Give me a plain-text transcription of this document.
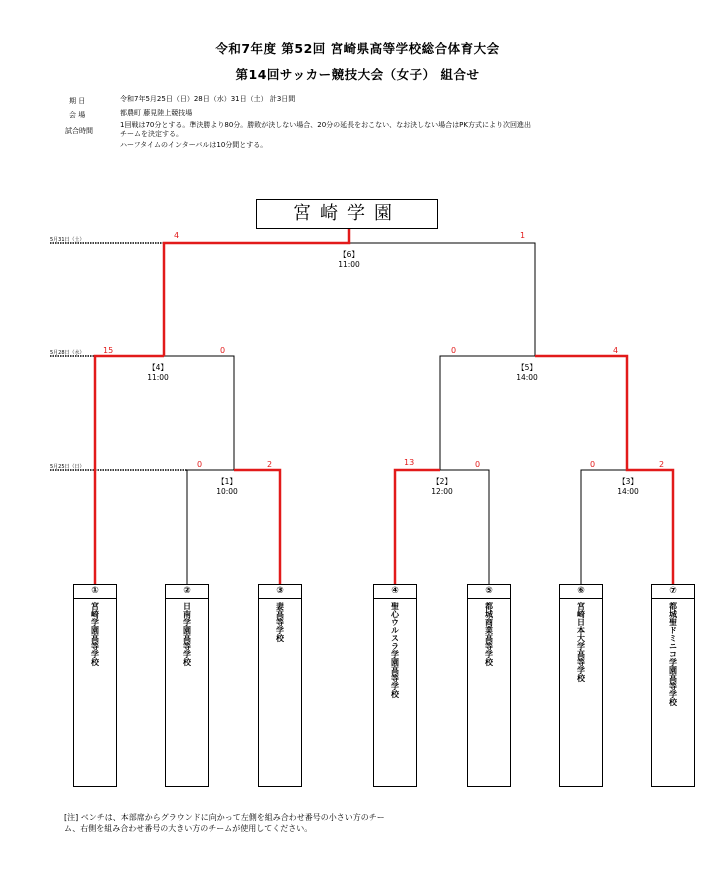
令和7年度 第52回 宮崎県高等学校総合体育大会
第14回サッカー競技大会（女子） 組合せ
期 日	令和7年5月25日（日）28日（水）31日（土） 計3日間
会 場	都農町 藤見陸上競技場
試合時間
1回戦は70分とする。準決勝より80分。勝敗が決しない場合、20分の延長をおこない、なお決しない場合はPK方式により次回進出
チームを決定する。
ハーフタイムのインターバルは10分間とする。
5月31日（土）
5月28日（水）
5月25日（日）
宮崎学園
4	1
15	0	0	4
0	2	13	0	0	2
【6】
11:00
【4】
11:00
【5】
14:00
【1】
10:00
【2】
12:00
【3】
14:00
①
宮崎学園高等学校
②
日南学園高等学校
③
妻高等学校
④
聖心ウルスラ学園高等学校
⑤
都城商業高等学校
⑥
宮崎日本大学高等学校
⑦
都城聖ドミニコ学園高等学校
[注] ベンチは、本部席からグラウンドに向かって左側を組み合わせ番号の小さい方のチー
ム、右側を組み合わせ番号の大きい方のチームが使用してください。
